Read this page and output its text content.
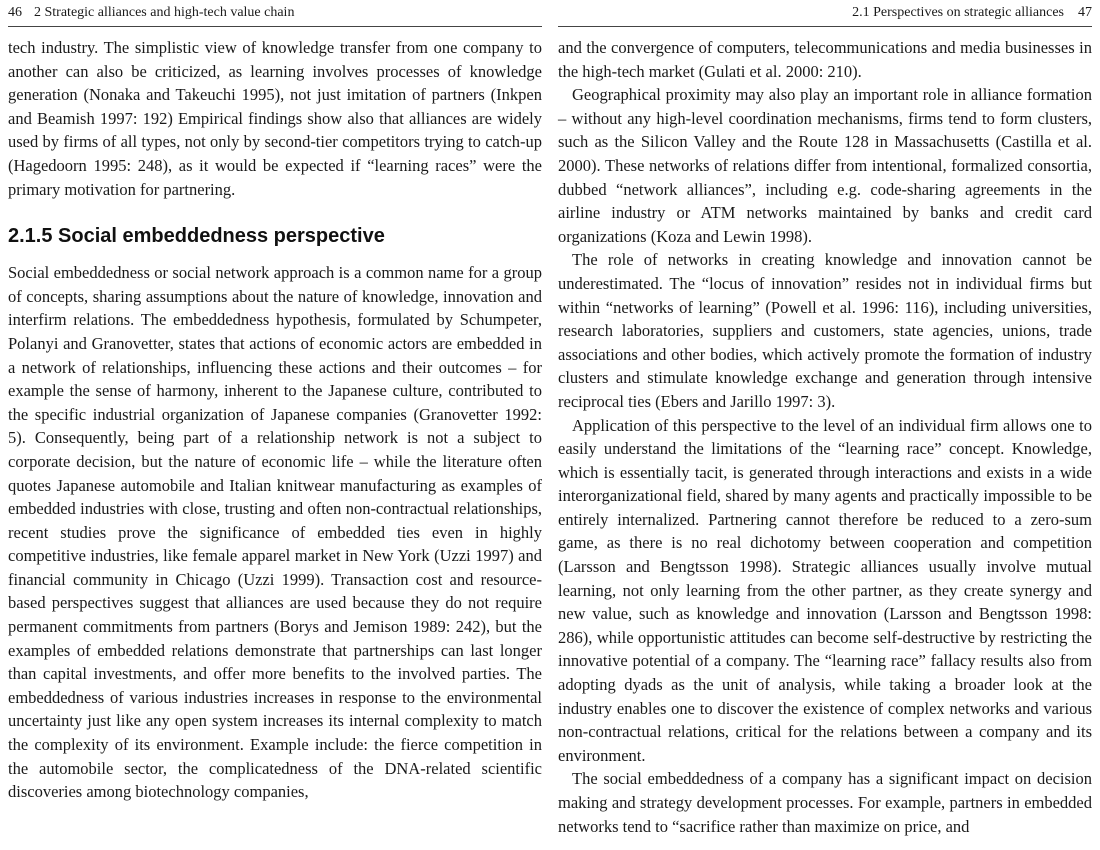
46 2 Strategic alliances and high-tech value chain

tech industry. The simplistic view of knowledge transfer from one company to another can also be criticized, as learning involves processes of knowledge generation (Nonaka and Takeuchi 1995), not just imitation of partners (Inkpen and Beamish 1997: 192) Empirical findings show also that alliances are widely used by firms of all types, not only by second-tier competitors trying to catch-up (Hagedoorn 1995: 248), as it would be expected if “learning races” were the primary motivation for partnering.

2.1.5 Social embeddedness perspective

Social embeddedness or social network approach is a common name for a group of concepts, sharing assumptions about the nature of knowledge, innovation and interfirm relations. The embeddedness hypothesis, formulated by Schumpeter, Polanyi and Granovetter, states that actions of economic actors are embedded in a network of relationships, influencing these actions and their outcomes – for example the sense of harmony, inherent to the Japanese culture, contributed to the specific industrial organization of Japanese companies (Granovetter 1992: 5). Consequently, being part of a relationship network is not a subject to corporate decision, but the nature of economic life – while the literature often quotes Japanese automobile and Italian knitwear manufacturing as examples of embedded industries with close, trusting and often non-contractual relationships, recent studies prove the significance of embedded ties even in highly competitive industries, like female apparel market in New York (Uzzi 1997) and financial community in Chicago (Uzzi 1999). Transaction cost and resource-based perspectives suggest that alliances are used because they do not require permanent commitments from partners (Borys and Jemison 1989: 242), but the examples of embedded relations demonstrate that partnerships can last longer than capital investments, and offer more benefits to the involved parties. The embeddedness of various industries increases in response to the environmental uncertainty just like any open system increases its internal complexity to match the complexity of its environment. Example include: the fierce competition in the automobile sector, the complicatedness of the DNA-related scientific discoveries among biotechnology companies,

2.1 Perspectives on strategic alliances 47

and the convergence of computers, telecommunications and media businesses in the high-tech market (Gulati et al. 2000: 210).

Geographical proximity may also play an important role in alliance formation – without any high-level coordination mechanisms, firms tend to form clusters, such as the Silicon Valley and the Route 128 in Massachusetts (Castilla et al. 2000). These networks of relations differ from intentional, formalized consortia, dubbed “network alliances”, including e.g. code-sharing agreements in the airline industry or ATM networks maintained by banks and credit card organizations (Koza and Lewin 1998).

The role of networks in creating knowledge and innovation cannot be underestimated. The “locus of innovation” resides not in individual firms but within “networks of learning” (Powell et al. 1996: 116), including universities, research laboratories, suppliers and customers, state agencies, unions, trade associations and other bodies, which actively promote the formation of industry clusters and stimulate knowledge exchange and generation through intensive reciprocal ties (Ebers and Jarillo 1997: 3).

Application of this perspective to the level of an individual firm allows one to easily understand the limitations of the “learning race” concept. Knowledge, which is essentially tacit, is generated through interactions and exists in a wide interorganizational field, shared by many agents and practically impossible to be entirely internalized. Partnering cannot therefore be reduced to a zero-sum game, as there is no real dichotomy between cooperation and competition (Larsson and Bengtsson 1998). Strategic alliances usually involve mutual learning, not only learning from the other partner, as they create synergy and new value, such as knowledge and innovation (Larsson and Bengtsson 1998: 286), while opportunistic attitudes can become self-destructive by restricting the innovative potential of a company. The “learning race” fallacy results also from adopting dyads as the unit of analysis, while taking a broader look at the industry enables one to discover the existence of complex networks and various non-contractual relations, critical for the relations between a company and its environment.

The social embeddedness of a company has a significant impact on decision making and strategy development processes. For example, partners in embedded networks tend to “sacrifice rather than maximize on price, and
